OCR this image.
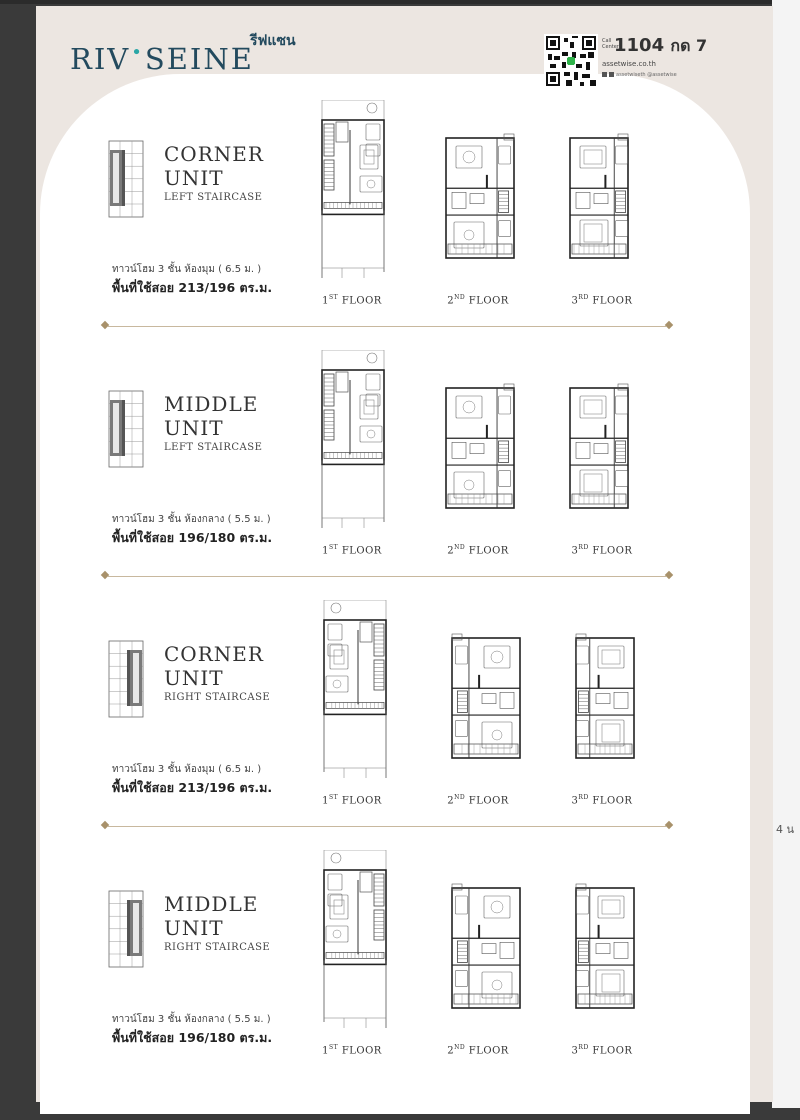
4 น
RIV•SEINE
รีฟแซน	Call Center
1104 กด 7
assetwise.co.th
assetwiseth @assetwise
CORNER
UNIT
LEFT STAIRCASE
ทาวน์โฮม 3 ชั้น ห้องมุม ( 6.5 ม. )
พื้นที่ใช้สอย 213/196 ตร.ม.
1ST FLOOR	2ND FLOOR	3RD FLOOR
MIDDLE
UNIT
LEFT STAIRCASE
ทาวน์โฮม 3 ชั้น ห้องกลาง ( 5.5 ม. )
พื้นที่ใช้สอย 196/180 ตร.ม.
1ST FLOOR	2ND FLOOR	3RD FLOOR
CORNER
UNIT
RIGHT STAIRCASE
ทาวน์โฮม 3 ชั้น ห้องมุม ( 6.5 ม. )
พื้นที่ใช้สอย 213/196 ตร.ม.
1ST FLOOR	2ND FLOOR	3RD FLOOR
MIDDLE
UNIT
RIGHT STAIRCASE
ทาวน์โฮม 3 ชั้น ห้องกลาง ( 5.5 ม. )
พื้นที่ใช้สอย 196/180 ตร.ม.
1ST FLOOR	2ND FLOOR	3RD FLOOR
